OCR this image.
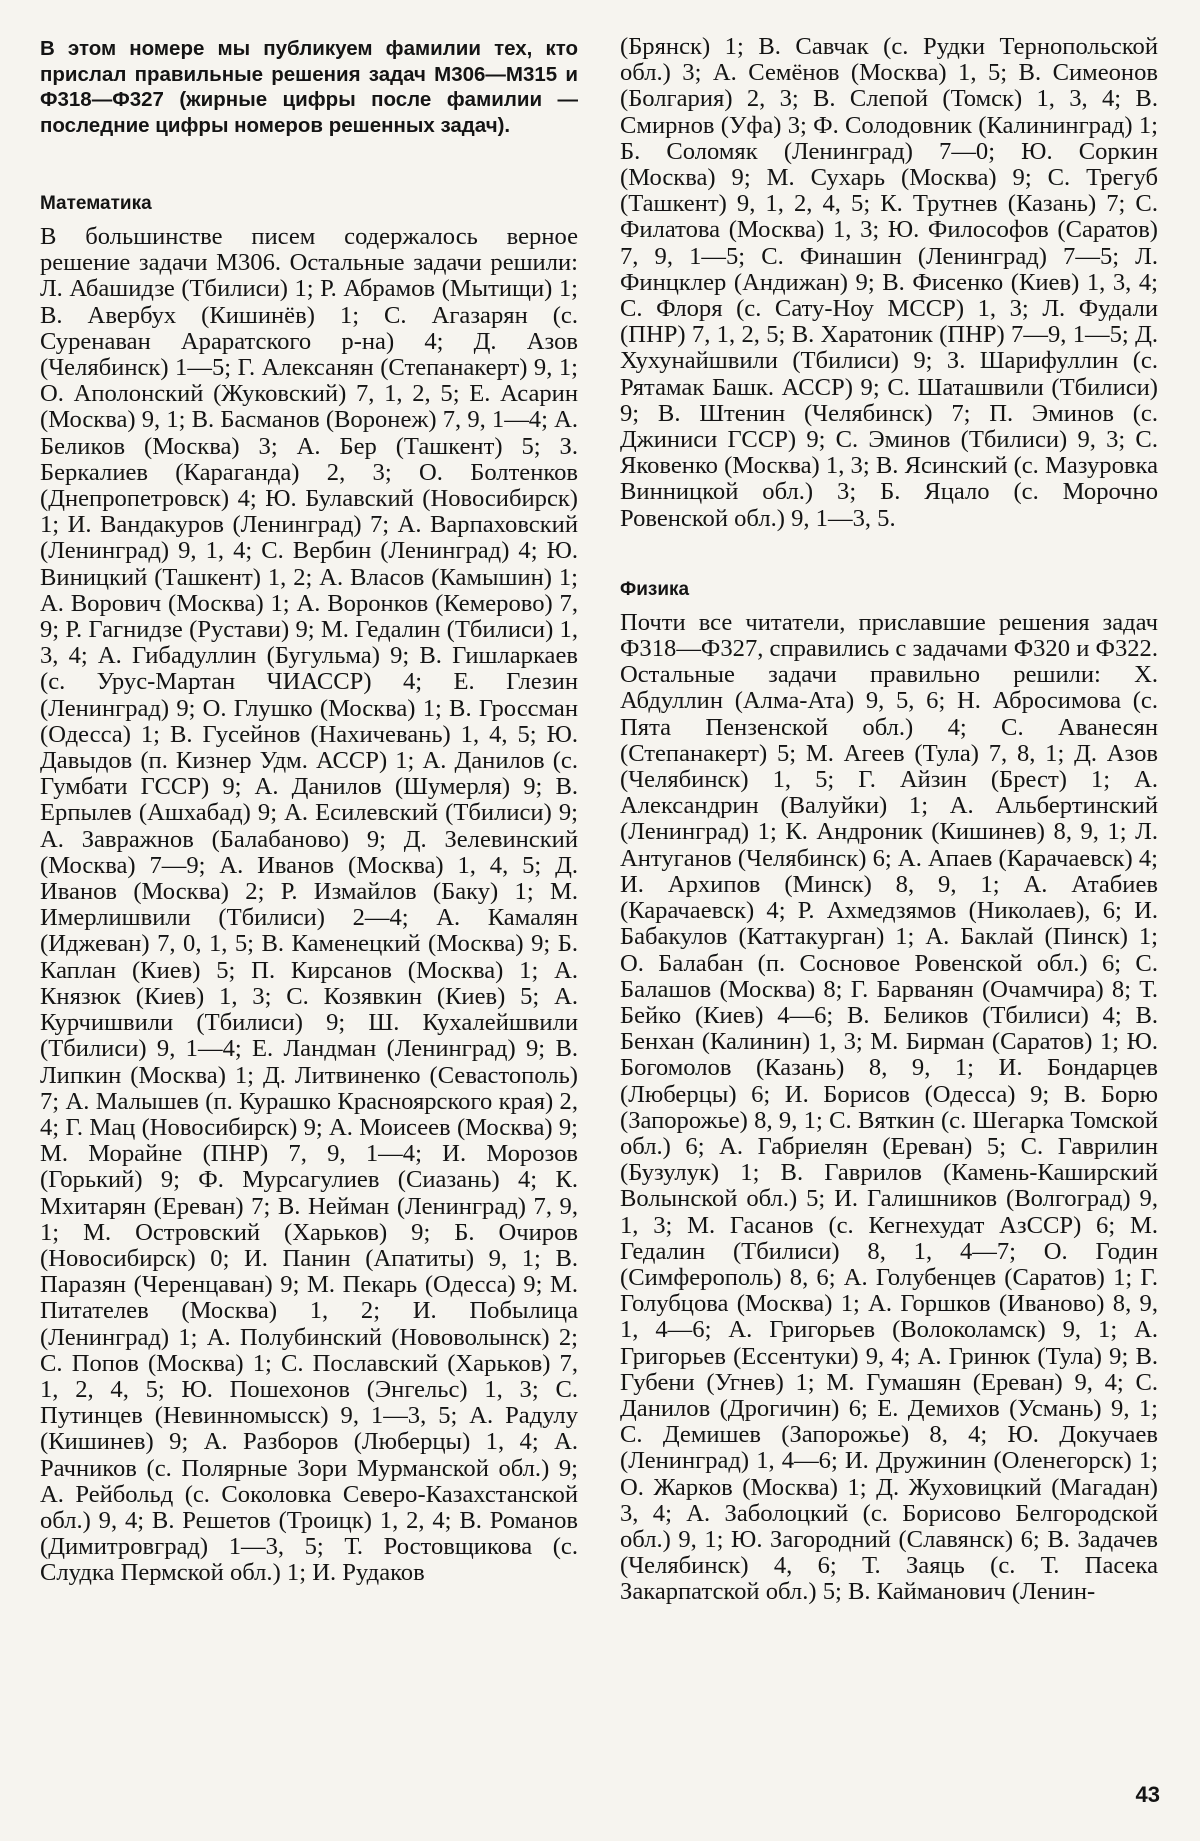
В этом номере мы публикуем фамилии тех, кто прислал правильные решения задач М306—М315 и Ф318—Ф327 (жирные цифры после фамилии — последние цифры номеров решенных задач).

Математика

В большинстве писем содержалось верное решение задачи М306. Остальные задачи решили: Л. Абашидзе (Тбилиси) 1; Р. Абрамов (Мытищи) 1; В. Авербух (Кишинёв) 1; С. Агазарян (с. Суренаван Араратского р-на) 4; Д. Азов (Челябинск) 1—5; Г. Алексанян (Степанакерт) 9, 1; О. Аполонский (Жуковский) 7, 1, 2, 5; Е. Асарин (Москва) 9, 1; В. Басманов (Воронеж) 7, 9, 1—4; А. Беликов (Москва) 3; А. Бер (Ташкент) 5; З. Беркалиев (Караганда) 2, 3; О. Болтенков (Днепропетровск) 4; Ю. Булавский (Новосибирск) 1; И. Вандакуров (Ленинград) 7; А. Варпаховский (Ленинград) 9, 1, 4; С. Вербин (Ленинград) 4; Ю. Виницкий (Ташкент) 1, 2; А. Власов (Камышин) 1; А. Ворович (Москва) 1; А. Воронков (Кемерово) 7, 9; Р. Гагнидзе (Рустави) 9; М. Гедалин (Тбилиси) 1, 3, 4; А. Гибадуллин (Бугульма) 9; В. Гишларкаев (с. Урус-Мартан ЧИАССР) 4; Е. Глезин (Ленинград) 9; О. Глушко (Москва) 1; В. Гроссман (Одесса) 1; В. Гусейнов (Нахичевань) 1, 4, 5; Ю. Давыдов (п. Кизнер Удм. АССР) 1; А. Данилов (с. Гумбати ГССР) 9; А. Данилов (Шумерля) 9; В. Ерпылев (Ашхабад) 9; А. Есилевский (Тбилиси) 9; А. Завражнов (Балабаново) 9; Д. Зелевинский (Москва) 7—9; А. Иванов (Москва) 1, 4, 5; Д. Иванов (Москва) 2; Р. Измайлов (Баку) 1; М. Имерлишвили (Тбилиси) 2—4; А. Камалян (Иджеван) 7, 0, 1, 5; В. Каменецкий (Москва) 9; Б. Каплан (Киев) 5; П. Кирсанов (Москва) 1; А. Князюк (Киев) 1, 3; С. Козявкин (Киев) 5; А. Курчишвили (Тбилиси) 9; Ш. Кухалейшвили (Тбилиси) 9, 1—4; Е. Ландман (Ленинград) 9; В. Липкин (Москва) 1; Д. Литвиненко (Севастополь) 7; А. Малышев (п. Курашко Красноярского края) 2, 4; Г. Мац (Новосибирск) 9; А. Моисеев (Москва) 9; М. Морайне (ПНР) 7, 9, 1—4; И. Морозов (Горький) 9; Ф. Мурсагулиев (Сиазань) 4; К. Мхитарян (Ереван) 7; В. Нейман (Ленинград) 7, 9, 1; М. Островский (Харьков) 9; Б. Очиров (Новосибирск) 0; И. Панин (Апатиты) 9, 1; В. Паразян (Черенцаван) 9; М. Пекарь (Одесса) 9; М. Питателев (Москва) 1, 2; И. Побылица (Ленинград) 1; А. Полубинский (Нововолынск) 2; С. Попов (Москва) 1; С. Пославский (Харьков) 7, 1, 2, 4, 5; Ю. Пошехонов (Энгельс) 1, 3; С. Путинцев (Невинномысск) 9, 1—3, 5; А. Радулу (Кишинев) 9; А. Разборов (Люберцы) 1, 4; А. Рачников (с. Полярные Зори Мурманской обл.) 9; А. Рейбольд (с. Соколовка Северо-Казахстанской обл.) 9, 4; В. Решетов (Троицк) 1, 2, 4; В. Романов (Димитровград) 1—3, 5; Т. Ростовщикова (с. Слудка Пермской обл.) 1; И. Рудаков

(Брянск) 1; В. Савчак (с. Рудки Тернопольской обл.) 3; А. Семёнов (Москва) 1, 5; В. Симеонов (Болгария) 2, 3; В. Слепой (Томск) 1, 3, 4; В. Смирнов (Уфа) 3; Ф. Солодовник (Калининград) 1; Б. Соломяк (Ленинград) 7—0; Ю. Соркин (Москва) 9; М. Сухарь (Москва) 9; С. Трегуб (Ташкент) 9, 1, 2, 4, 5; К. Трутнев (Казань) 7; С. Филатова (Москва) 1, 3; Ю. Философов (Саратов) 7, 9, 1—5; С. Финашин (Ленинград) 7—5; Л. Финцклер (Андижан) 9; В. Фисенко (Киев) 1, 3, 4; С. Флоря (с. Сату-Ноу МССР) 1, 3; Л. Фудали (ПНР) 7, 1, 2, 5; В. Харатоник (ПНР) 7—9, 1—5; Д. Хухунайшвили (Тбилиси) 9; З. Шарифуллин (с. Рятамак Башк. АССР) 9; С. Шаташвили (Тбилиси) 9; В. Штенин (Челябинск) 7; П. Эминов (с. Джиниси ГССР) 9; С. Эминов (Тбилиси) 9, 3; С. Яковенко (Москва) 1, 3; В. Ясинский (с. Мазуровка Винницкой обл.) 3; Б. Яцало (с. Морочно Ровенской обл.) 9, 1—3, 5.

Физика

Почти все читатели, приславшие решения задач Ф318—Ф327, справились с задачами Ф320 и Ф322. Остальные задачи правильно решили: Х. Абдуллин (Алма-Ата) 9, 5, 6; Н. Абросимова (с. Пята Пензенской обл.) 4; С. Аванесян (Степанакерт) 5; М. Агеев (Тула) 7, 8, 1; Д. Азов (Челябинск) 1, 5; Г. Айзин (Брест) 1; А. Александрин (Валуйки) 1; А. Альбертинский (Ленинград) 1; К. Андроник (Кишинев) 8, 9, 1; Л. Антуганов (Челябинск) 6; А. Апаев (Карачаевск) 4; И. Архипов (Минск) 8, 9, 1; А. Атабиев (Карачаевск) 4; Р. Ахмедзямов (Николаев), 6; И. Бабакулов (Каттакурган) 1; А. Баклай (Пинск) 1; О. Балабан (п. Сосновое Ровенской обл.) 6; С. Балашов (Москва) 8; Г. Барванян (Очамчира) 8; Т. Бейко (Киев) 4—6; В. Беликов (Тбилиси) 4; В. Бенхан (Калинин) 1, 3; М. Бирман (Саратов) 1; Ю. Богомолов (Казань) 8, 9, 1; И. Бондарцев (Люберцы) 6; И. Борисов (Одесса) 9; В. Борю (Запорожье) 8, 9, 1; С. Вяткин (с. Шегарка Томской обл.) 6; А. Габриелян (Ереван) 5; С. Гаврилин (Бузулук) 1; В. Гаврилов (Камень-Каширский Волынской обл.) 5; И. Галишников (Волгоград) 9, 1, 3; М. Гасанов (с. Кегнехудат АзССР) 6; М. Гедалин (Тбилиси) 8, 1, 4—7; О. Годин (Симферополь) 8, 6; А. Голубенцев (Саратов) 1; Г. Голубцова (Москва) 1; А. Горшков (Иваново) 8, 9, 1, 4—6; А. Григорьев (Волоколамск) 9, 1; А. Григорьев (Ессентуки) 9, 4; А. Гринюк (Тула) 9; В. Губени (Угнев) 1; М. Гумашян (Ереван) 9, 4; С. Данилов (Дрогичин) 6; Е. Демихов (Усмань) 9, 1; С. Демишев (Запорожье) 8, 4; Ю. Докучаев (Ленинград) 1, 4—6; И. Дружинин (Оленегорск) 1; О. Жарков (Москва) 1; Д. Жуховицкий (Магадан) 3, 4; А. Заболоцкий (с. Борисово Белгородской обл.) 9, 1; Ю. Загородний (Славянск) 6; В. Задачев (Челябинск) 4, 6; Т. Заяць (с. Т. Пасека Закарпатской обл.) 5; В. Кайманович (Ленин-

43
